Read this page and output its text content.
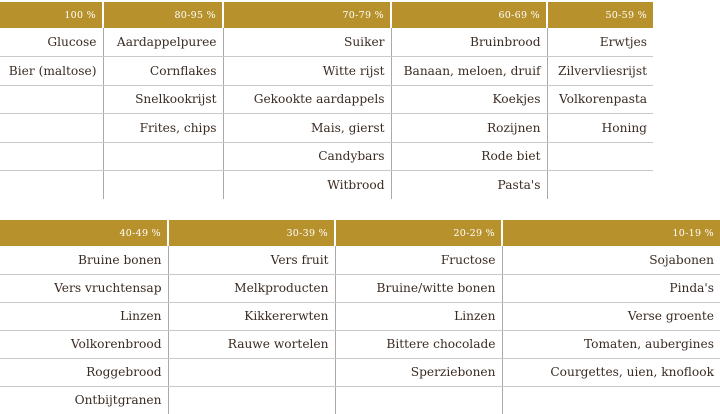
100 %	80-95 %	70-79 %	60-69 %	50-59 %
Glucose	Aardappelpuree	Suiker	Bruinbrood	Erwtjes
Bier (maltose)	Cornflakes	Witte rijst	Banaan, meloen, druif	Zilvervliesrijst
	Snelkookrijst	Gekookte aardappels	Koekjes	Volkorenpasta
	Frites, chips	Mais, gierst	Rozijnen	Honing
		Candybars	Rode biet	
		Witbrood	Pasta's	
40-49 %	30-39 %	20-29 %	10-19 %
Bruine bonen	Vers fruit	Fructose	Sojabonen
Vers vruchtensap	Melkproducten	Bruine/witte bonen	Pinda's
Linzen	Kikkererwten	Linzen	Verse groente
Volkorenbrood	Rauwe wortelen	Bittere chocolade	Tomaten, aubergines
Roggebrood		Sperziebonen	Courgettes, uien, knoflook
Ontbijtgranen			
